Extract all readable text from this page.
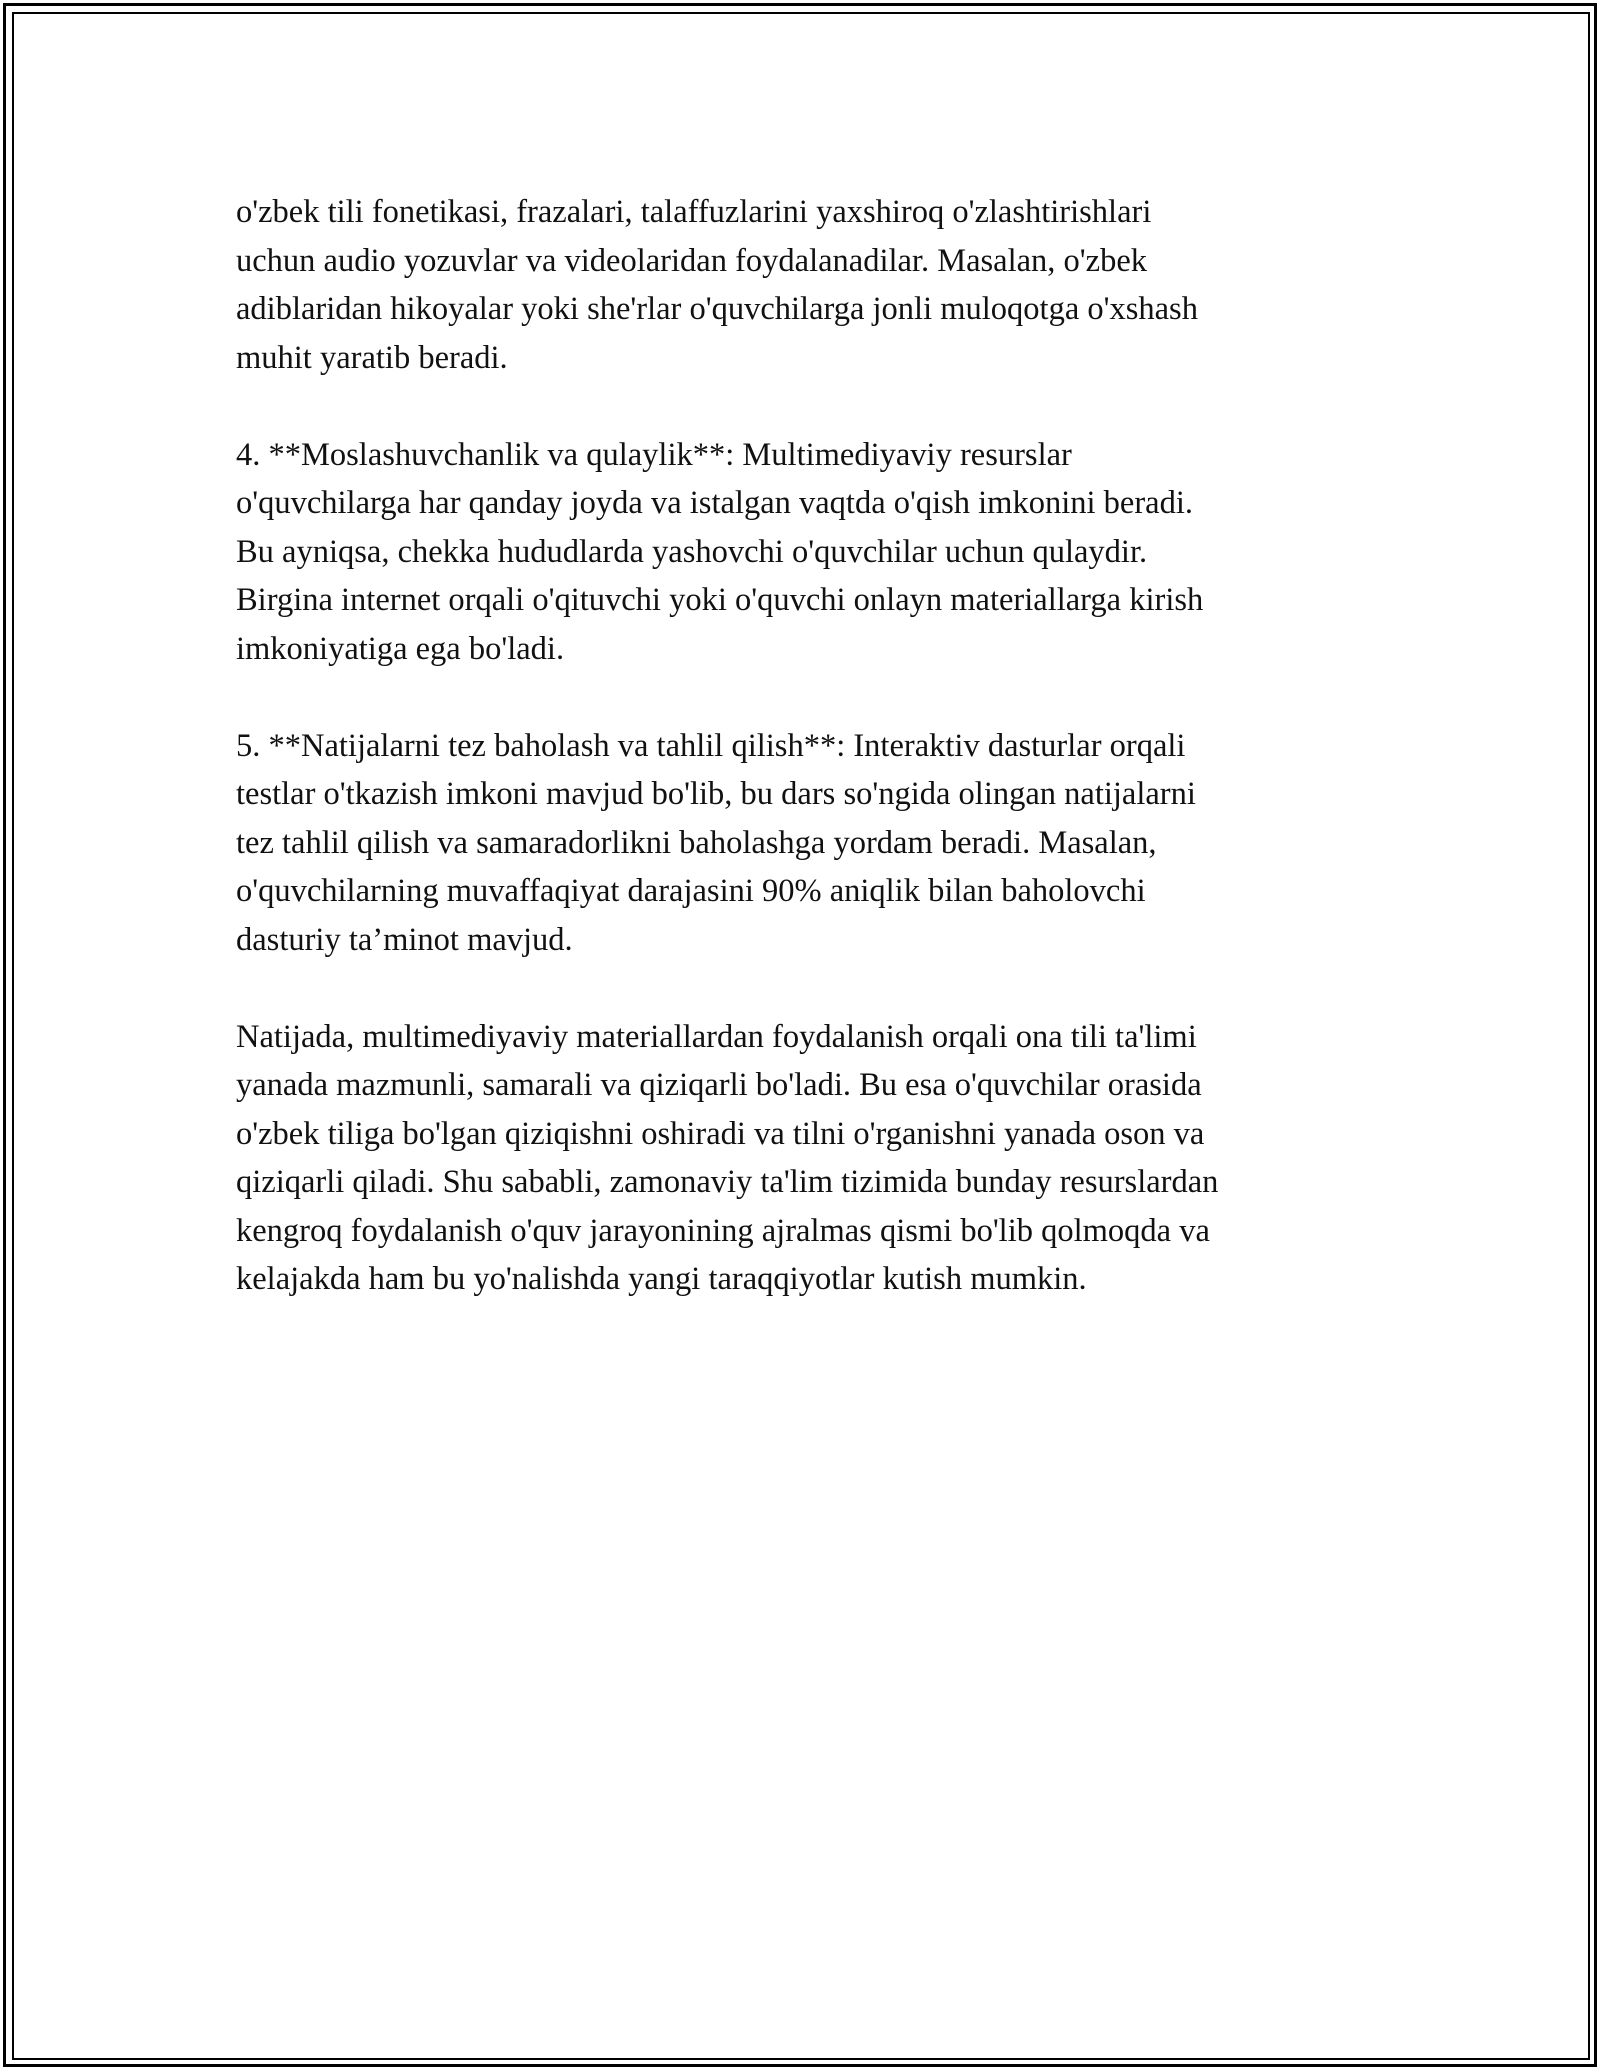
o'zbek tili fonetikasi, frazalari, talaffuzlarini yaxshiroq o'zlashtirishlari
uchun audio yozuvlar va videolaridan foydalanadilar. Masalan, o'zbek
adiblaridan hikoyalar yoki she'rlar o'quvchilarga jonli muloqotga o'xshash
muhit yaratib beradi.

4. **Moslashuvchanlik va qulaylik**: Multimediyaviy resurslar
o'quvchilarga har qanday joyda va istalgan vaqtda o'qish imkonini beradi.
Bu ayniqsa, chekka hududlarda yashovchi o'quvchilar uchun qulaydir.
Birgina internet orqali o'qituvchi yoki o'quvchi onlayn materiallarga kirish
imkoniyatiga ega bo'ladi.

5. **Natijalarni tez baholash va tahlil qilish**: Interaktiv dasturlar orqali
testlar o'tkazish imkoni mavjud bo'lib, bu dars so'ngida olingan natijalarni
tez tahlil qilish va samaradorlikni baholashga yordam beradi. Masalan,
o'quvchilarning muvaffaqiyat darajasini 90% aniqlik bilan baholovchi
dasturiy ta’minot mavjud.

Natijada, multimediyaviy materiallardan foydalanish orqali ona tili ta'limi
yanada mazmunli, samarali va qiziqarli bo'ladi. Bu esa o'quvchilar orasida
o'zbek tiliga bo'lgan qiziqishni oshiradi va tilni o'rganishni yanada oson va
qiziqarli qiladi. Shu sababli, zamonaviy ta'lim tizimida bunday resurslardan
kengroq foydalanish o'quv jarayonining ajralmas qismi bo'lib qolmoqda va
kelajakda ham bu yo'nalishda yangi taraqqiyotlar kutish mumkin.
